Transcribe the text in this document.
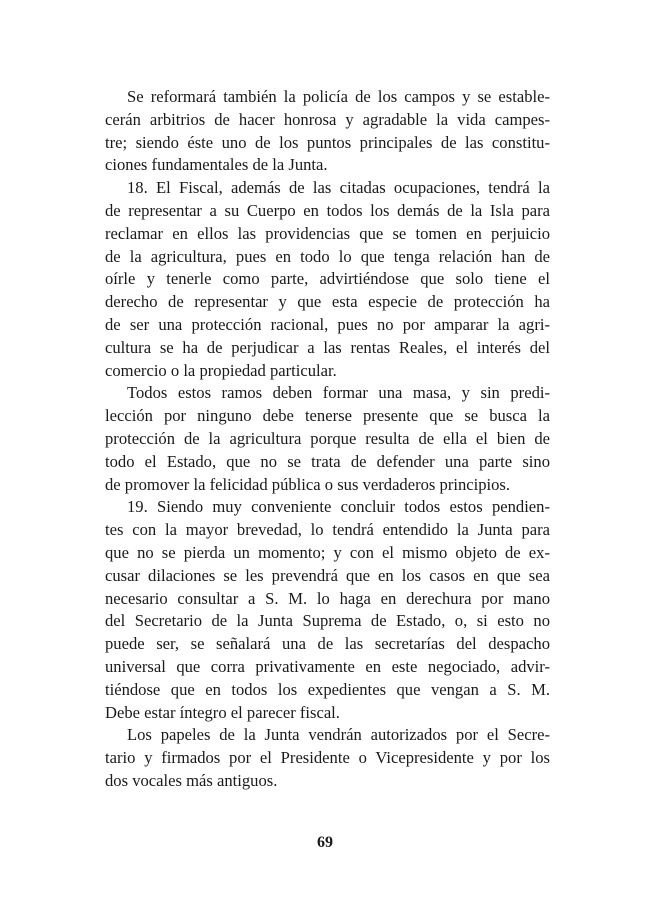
Se reformará también la policía de los campos y se estable-
cerán arbitrios de hacer honrosa y agradable la vida campes-
tre; siendo éste uno de los puntos principales de las constitu-
ciones fundamentales de la Junta.
18. El Fiscal, además de las citadas ocupaciones, tendrá la
de representar a su Cuerpo en todos los demás de la Isla para
reclamar en ellos las providencias que se tomen en perjuicio
de la agricultura, pues en todo lo que tenga relación han de
oírle y tenerle como parte, advirtiéndose que solo tiene el
derecho de representar y que esta especie de protección ha
de ser una protección racional, pues no por amparar la agri-
cultura se ha de perjudicar a las rentas Reales, el interés del
comercio o la propiedad particular.
Todos estos ramos deben formar una masa, y sin predi-
lección por ninguno debe tenerse presente que se busca la
protección de la agricultura porque resulta de ella el bien de
todo el Estado, que no se trata de defender una parte sino
de promover la felicidad pública o sus verdaderos principios.
19. Siendo muy conveniente concluir todos estos pendien-
tes con la mayor brevedad, lo tendrá entendido la Junta para
que no se pierda un momento; y con el mismo objeto de ex-
cusar dilaciones se les prevendrá que en los casos en que sea
necesario consultar a S. M. lo haga en derechura por mano
del Secretario de la Junta Suprema de Estado, o, si esto no
puede ser, se señalará una de las secretarías del despacho
universal que corra privativamente en este negociado, advir-
tiéndose que en todos los expedientes que vengan a S. M.
Debe estar íntegro el parecer fiscal.
Los papeles de la Junta vendrán autorizados por el Secre-
tario y firmados por el Presidente o Vicepresidente y por los
dos vocales más antiguos.
69
